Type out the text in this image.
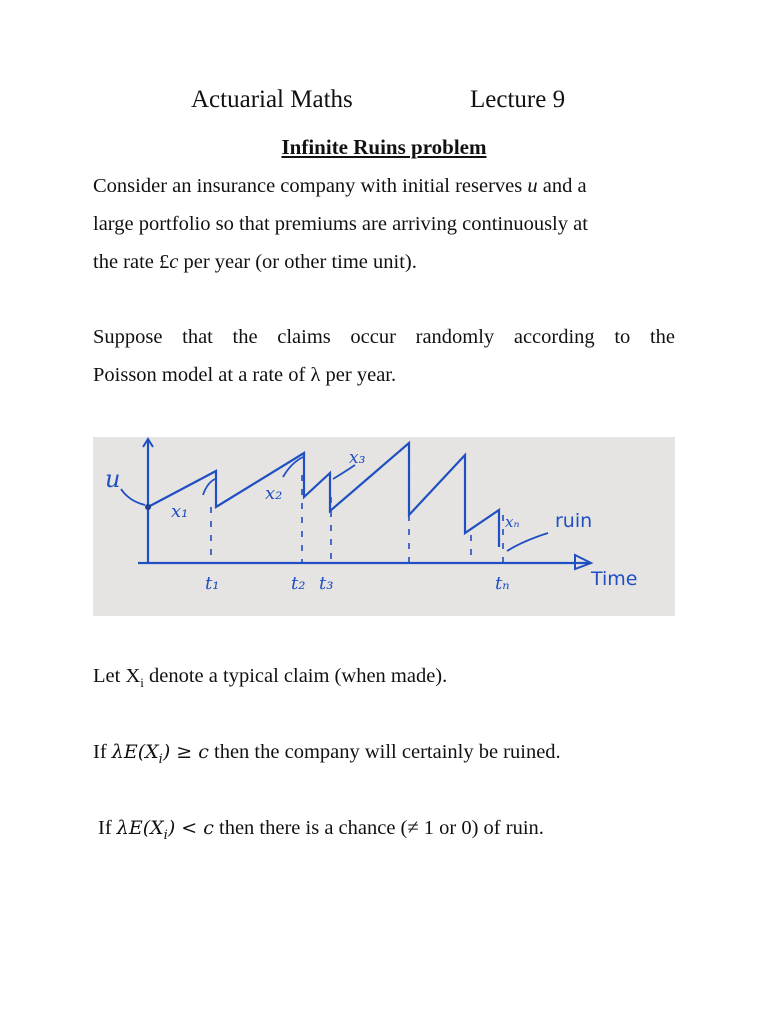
Actuarial Maths	Lecture 9
Infinite Ruins problem
Consider an insurance company with initial reserves u and a
large portfolio so that premiums are arriving continuously at
the rate £c per year (or other time unit).
Suppose that the claims occur randomly according to the
Poisson model at a rate of λ per year.
u
x₁
x₂
x₃
xₙ ruin
Time
t₁	t₂ t₃	tₙ
Let $X_i$ denote a typical claim (when made).
If $\lambda E(X_i) \ge c$ then the company will certainly be ruined.
If $\lambda E(X_i) < c$ then there is a chance (≠ 1 or 0) of ruin.
